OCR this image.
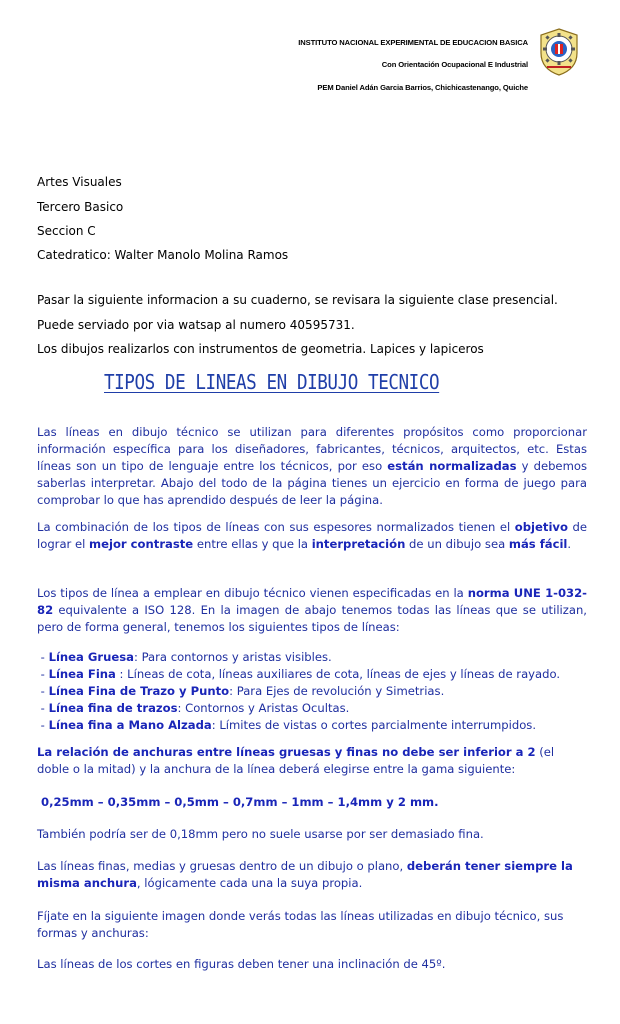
INSTITUTO NACIONAL EXPERIMENTAL DE EDUCACION BASICA
Con Orientación Ocupacional E Industrial
PEM Daniel Adán Garcia Barrios, Chichicastenango, Quiche
Artes Visuales
Tercero Basico
Seccion C
Catedratico: Walter Manolo Molina Ramos
Pasar la siguiente informacion a su cuaderno, se revisara la siguiente clase presencial.
Puede serviado por via watsap al numero 40595731.
Los dibujos realizarlos con instrumentos de geometria. Lapices y lapiceros
TIPOS DE LINEAS EN DIBUJO TECNICO
Las líneas en dibujo técnico se utilizan para diferentes propósitos como proporcionar información específica para los diseñadores, fabricantes, técnicos, arquitectos, etc. Estas líneas son un tipo de lenguaje entre los técnicos, por eso están normalizadas y debemos saberlas interpretar. Abajo del todo de la página tienes un ejercicio en forma de juego para comprobar lo que has aprendido después de leer la página.
La combinación de los tipos de líneas con sus espesores normalizados tienen el objetivo de lograr el mejor contraste entre ellas y que la interpretación de un dibujo sea más fácil.
Los tipos de línea a emplear en dibujo técnico vienen especificadas en la norma UNE 1-032-82 equivalente a ISO 128. En la imagen de abajo tenemos todas las líneas que se utilizan, pero de forma general, tenemos los siguientes tipos de líneas:
- Línea Gruesa: Para contornos y aristas visibles.
- Línea Fina : Líneas de cota, líneas auxiliares de cota, líneas de ejes y líneas de rayado.
- Línea Fina de Trazo y Punto: Para Ejes de revolución y Simetrias.
- Línea fina de trazos: Contornos y Aristas Ocultas.
- Línea fina a Mano Alzada: Límites de vistas o cortes parcialmente interrumpidos.
La relación de anchuras entre líneas gruesas y finas no debe ser inferior a 2 (el doble o la mitad) y la anchura de la línea deberá elegirse entre la gama siguiente:
0,25mm – 0,35mm – 0,5mm – 0,7mm – 1mm – 1,4mm y 2 mm.
También podría ser de 0,18mm pero no suele usarse por ser demasiado fina.
Las líneas finas, medias y gruesas dentro de un dibujo o plano, deberán tener siempre la misma anchura, lógicamente cada una la suya propia.
Fíjate en la siguiente imagen donde verás todas las líneas utilizadas en dibujo técnico, sus formas y anchuras:
Las líneas de los cortes en figuras deben tener una inclinación de 45º.
